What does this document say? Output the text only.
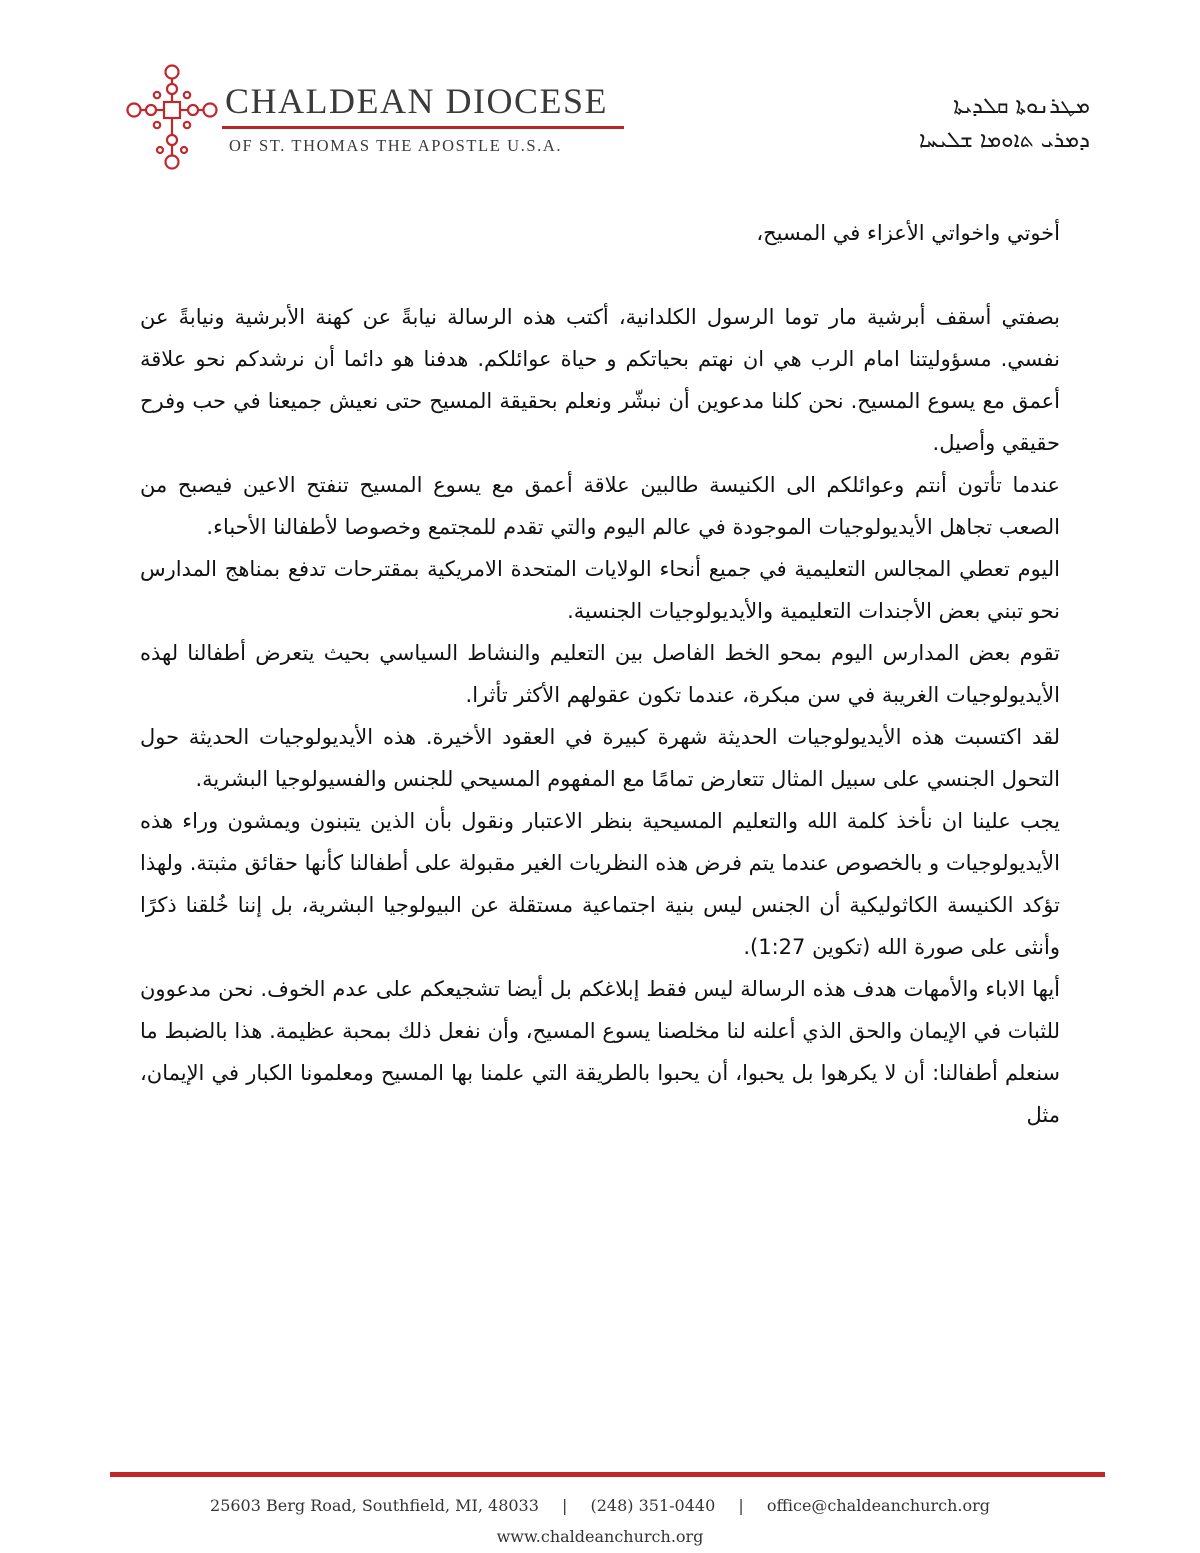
CHALDEAN DIOCESE
OF ST. THOMAS THE APOSTLE U.S.A.
ܡܛܪܢܘܬܐ ܩܠܕܝܬܐ
ܕܡܪܝ ܬܐܘܡܐ ܫܠܝܚܐ

أخوتي واخواتي الأعزاء في المسيح،

بصفتي أسقف أبرشية مار توما الرسول الكلدانية، أكتب هذه الرسالة نيابةً عن كهنة الأبرشية ونيابةً عن نفسي. مسؤوليتنا امام الرب هي ان نهتم بحياتكم و حياة عوائلكم. هدفنا هو دائما أن نرشدكم نحو علاقة أعمق مع يسوع المسيح. نحن كلنا مدعوين أن نبشّر ونعلم بحقيقة المسيح حتى نعيش جميعنا في حب وفرح حقيقي وأصيل.

عندما تأتون أنتم وعوائلكم الى الكنيسة طالبين علاقة أعمق مع يسوع المسيح تنفتح الاعين فيصبح من الصعب تجاهل الأيديولوجيات الموجودة في عالم اليوم والتي تقدم للمجتمع وخصوصا لأطفالنا الأحباء.

اليوم تعطي المجالس التعليمية في جميع أنحاء الولايات المتحدة الامريكية بمقترحات تدفع بمناهج المدارس نحو تبني بعض الأجندات التعليمية والأيديولوجيات الجنسية.

تقوم بعض المدارس اليوم بمحو الخط الفاصل بين التعليم والنشاط السياسي بحيث يتعرض أطفالنا لهذه الأيديولوجيات الغريبة في سن مبكرة، عندما تكون عقولهم الأكثر تأثرا.

لقد اكتسبت هذه الأيديولوجيات الحديثة شهرة كبيرة في العقود الأخيرة. هذه الأيديولوجيات الحديثة حول التحول الجنسي على سبيل المثال تتعارض تمامًا مع المفهوم المسيحي للجنس والفسيولوجيا البشرية.

يجب علينا ان نأخذ كلمة الله والتعليم المسيحية بنظر الاعتبار ونقول بأن الذين يتبنون ويمشون وراء هذه الأيديولوجيات و بالخصوص عندما يتم فرض هذه النظريات الغير مقبولة على أطفالنا كأنها حقائق مثبتة. ولهذا تؤكد الكنيسة الكاثوليكية أن الجنس ليس بنية اجتماعية مستقلة عن البيولوجيا البشرية، بل إننا خُلقنا ذكرًا وأنثى على صورة الله (تكوين 1:27).

أيها الاباء والأمهات هدف هذه الرسالة ليس فقط إبلاغكم بل أيضا تشجيعكم على عدم الخوف. نحن مدعوون للثبات في الإيمان والحق الذي أعلنه لنا مخلصنا يسوع المسيح، وأن نفعل ذلك بمحبة عظيمة. هذا بالضبط ما سنعلم أطفالنا: أن لا يكرهوا بل يحبوا، أن يحبوا بالطريقة التي علمنا بها المسيح ومعلمونا الكبار في الإيمان، مثل

25603 Berg Road, Southfield, MI, 48033 | (248) 351-0440 | office@chaldeanchurch.org
www.chaldeanchurch.org
